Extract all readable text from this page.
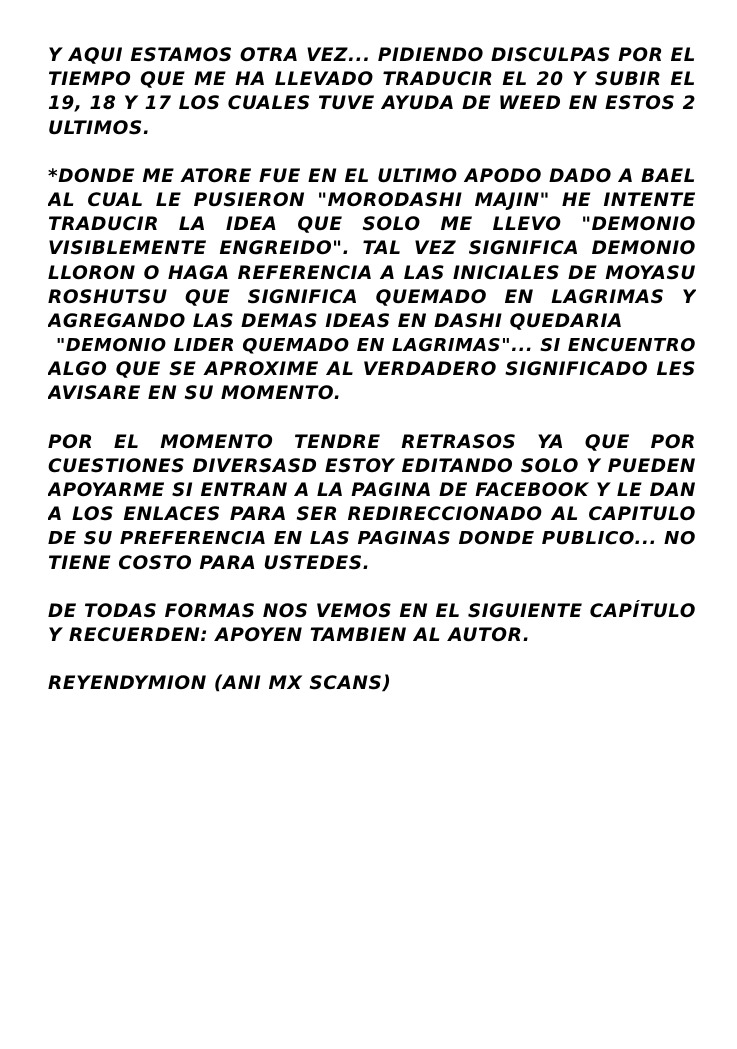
Y AQUI ESTAMOS OTRA VEZ... PIDIENDO DISCULPAS POR EL
TIEMPO QUE ME HA LLEVADO TRADUCIR EL 20 Y SUBIR EL
19, 18 Y 17 LOS CUALES TUVE AYUDA DE WEED EN ESTOS 2
ULTIMOS.
*DONDE ME ATORE FUE EN EL ULTIMO APODO DADO A BAEL
AL CUAL LE PUSIERON "MORODASHI MAJIN" HE INTENTE
TRADUCIR LA IDEA QUE SOLO ME LLEVO "DEMONIO
VISIBLEMENTE ENGREIDO". TAL VEZ SIGNIFICA DEMONIO
LLORON O HAGA REFERENCIA A LAS INICIALES DE MOYASU
ROSHUTSU QUE SIGNIFICA QUEMADO EN LAGRIMAS Y
AGREGANDO LAS DEMAS IDEAS EN DASHI QUEDARIA
"DEMONIO LIDER QUEMADO EN LAGRIMAS"... SI ENCUENTRO
ALGO QUE SE APROXIME AL VERDADERO SIGNIFICADO LES
AVISARE EN SU MOMENTO.
POR EL MOMENTO TENDRE RETRASOS YA QUE POR
CUESTIONES DIVERSASD ESTOY EDITANDO SOLO Y PUEDEN
APOYARME SI ENTRAN A LA PAGINA DE FACEBOOK Y LE DAN
A LOS ENLACES PARA SER REDIRECCIONADO AL CAPITULO
DE SU PREFERENCIA EN LAS PAGINAS DONDE PUBLICO... NO
TIENE COSTO PARA USTEDES.
DE TODAS FORMAS NOS VEMOS EN EL SIGUIENTE CAPÍTULO
Y RECUERDEN: APOYEN TAMBIEN AL AUTOR.
REYENDYMION (ANI MX SCANS)
